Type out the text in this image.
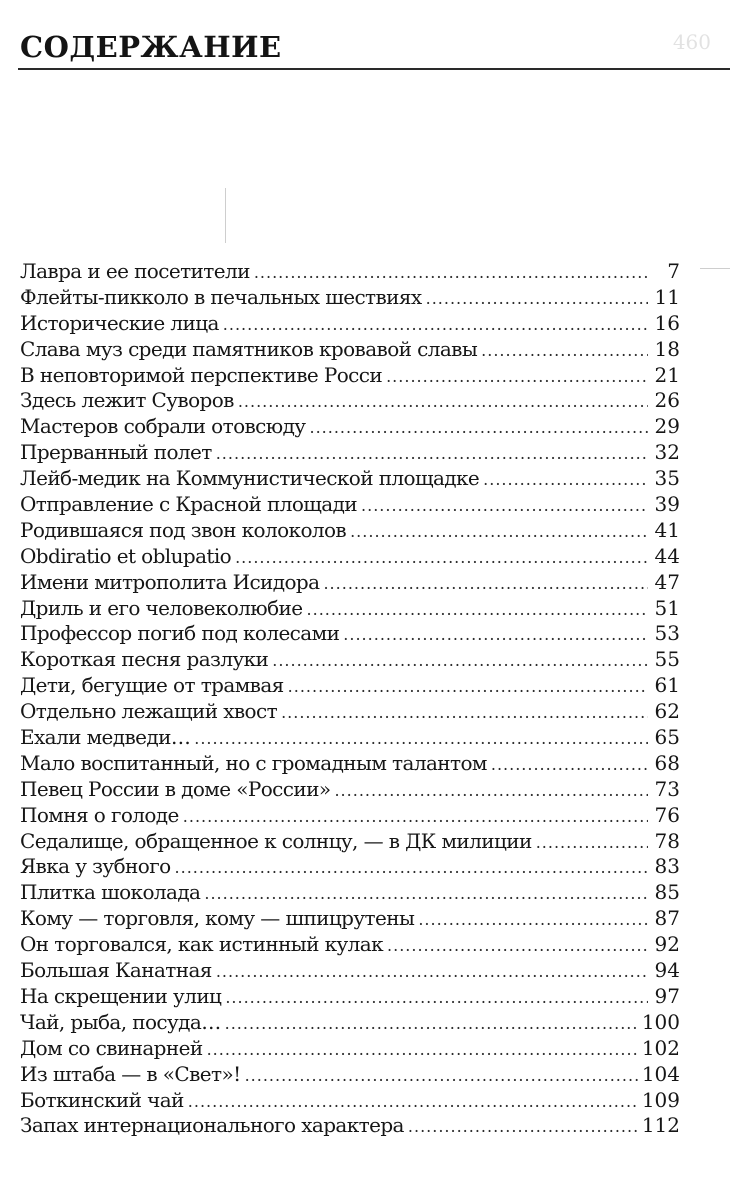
460
СОДЕРЖАНИЕ
Лавра и ее посетители .....	7
Флейты-пикколо в печальных шествиях .....	11
Исторические лица .....	16
Слава муз среди памятников кровавой славы .....	18
В неповторимой перспективе Росси .....	21
Здесь лежит Суворов .....	26
Мастеров собрали отовсюду .....	29
Прерванный полет .....	32
Лейб-медик на Коммунистической площадке .....	35
Отправление с Красной площади .....	39
Родившаяся под звон колоколов .....	41
Obdiratio et oblupatio .....	44
Имени митрополита Исидора .....	47
Дриль и его человеколюбие .....	51
Профессор погиб под колесами .....	53
Короткая песня разлуки .....	55
Дети, бегущие от трамвая .....	61
Отдельно лежащий хвост .....	62
Ехали медведи… .....	65
Мало воспитанный, но с громадным талантом .....	68
Певец России в доме «России» .....	73
Помня о голоде .....	76
Седалище, обращенное к солнцу, — в ДК милиции .....	78
Явка у зубного .....	83
Плитка шоколада .....	85
Кому — торговля, кому — шпицрутены .....	87
Он торговался, как истинный кулак .....	92
Большая Канатная .....	94
На скрещении улиц .....	97
Чай, рыба, посуда… .....	100
Дом со свинарней .....	102
Из штаба — в «Свет»! .....	104
Боткинский чай .....	109
Запах интернационального характера .....	112
